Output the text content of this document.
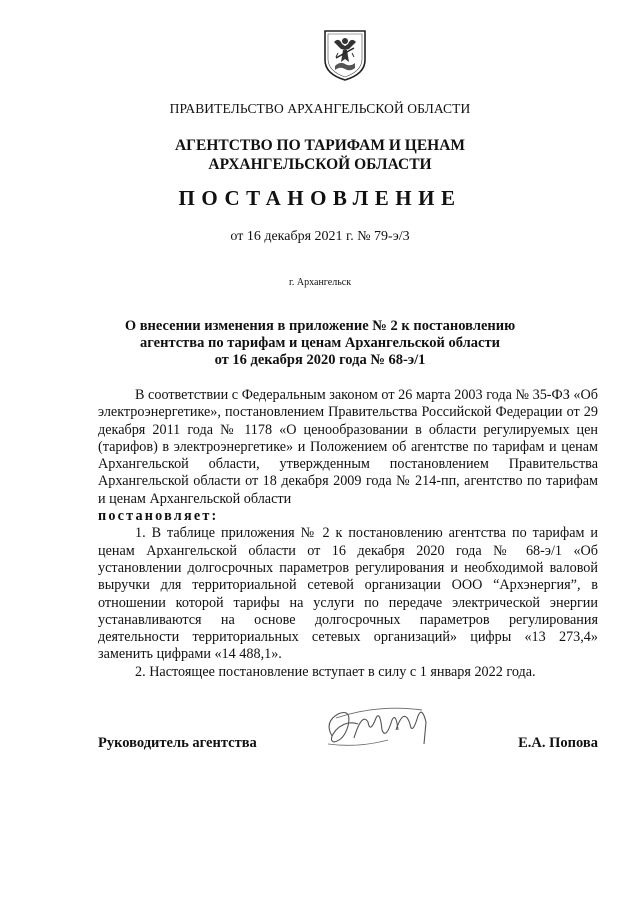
ПРАВИТЕЛЬСТВО АРХАНГЕЛЬСКОЙ ОБЛАСТИ
АГЕНТСТВО ПО ТАРИФАМ И ЦЕНАМ
АРХАНГЕЛЬСКОЙ ОБЛАСТИ
ПОСТАНОВЛЕНИЕ
от 16 декабря 2021 г. № 79-э/3
г. Архангельск
О внесении изменения в приложение № 2 к постановлению
агентства по тарифам и ценам Архангельской области
от 16 декабря 2020 года № 68-э/1

В соответствии с Федеральным законом от 26 марта 2003 года № 35-ФЗ «Об электроэнергетике», постановлением Правительства Российской Федерации от 29 декабря 2011 года № 1178 «О ценообразовании в области регулируемых цен (тарифов) в электроэнергетике» и Положением об агентстве по тарифам и ценам Архангельской области, утвержденным постановлением Правительства Архангельской области от 18 декабря 2009 года № 214-пп, агентство по тарифам и ценам Архангельской области

постановляет:

1. В таблице приложения № 2 к постановлению агентства по тарифам и ценам Архангельской области от 16 декабря 2020 года № 68-э/1 «Об установлении долгосрочных параметров регулирования и необходимой валовой выручки для территориальной сетевой организации ООО “Архэнергия”, в отношении которой тарифы на услуги по передаче электрической энергии устанавливаются на основе долгосрочных параметров регулирования деятельности территориальных сетевых организаций» цифры «13 273,4» заменить цифрами «14 488,1».

2. Настоящее постановление вступает в силу с 1 января 2022 года.

Руководитель агентства	Е.А. Попова
